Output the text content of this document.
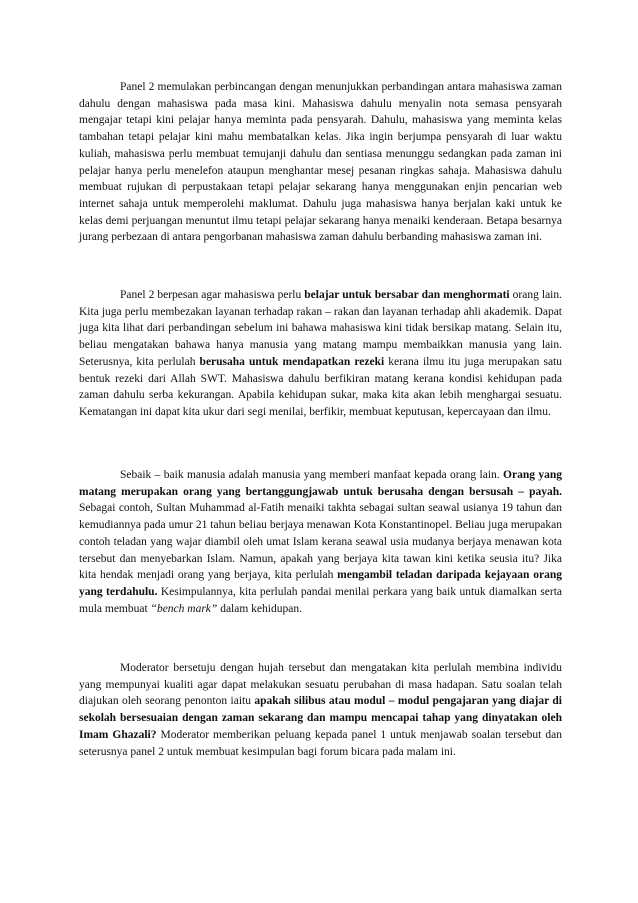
Panel 2 memulakan perbincangan dengan menunjukkan perbandingan antara mahasiswa zaman dahulu dengan mahasiswa pada masa kini. Mahasiswa dahulu menyalin nota semasa pensyarah mengajar tetapi kini pelajar hanya meminta pada pensyarah. Dahulu, mahasiswa yang meminta kelas tambahan tetapi pelajar kini mahu membatalkan kelas. Jika ingin berjumpa pensyarah di luar waktu kuliah, mahasiswa perlu membuat temujanji dahulu dan sentiasa menunggu sedangkan pada zaman ini pelajar hanya perlu menelefon ataupun menghantar mesej pesanan ringkas sahaja. Mahasiswa dahulu membuat rujukan di perpustakaan tetapi pelajar sekarang hanya menggunakan enjin pencarian web internet sahaja untuk memperolehi maklumat. Dahulu juga mahasiswa hanya berjalan kaki untuk ke kelas demi perjuangan menuntut ilmu tetapi pelajar sekarang hanya menaiki kenderaan. Betapa besarnya jurang perbezaan di antara pengorbanan mahasiswa zaman dahulu berbanding mahasiswa zaman ini.

Panel 2 berpesan agar mahasiswa perlu belajar untuk bersabar dan menghormati orang lain. Kita juga perlu membezakan layanan terhadap rakan – rakan dan layanan terhadap ahli akademik. Dapat juga kita lihat dari perbandingan sebelum ini bahawa mahasiswa kini tidak bersikap matang. Selain itu, beliau mengatakan bahawa hanya manusia yang matang mampu membaikkan manusia yang lain. Seterusnya, kita perlulah berusaha untuk mendapatkan rezeki kerana ilmu itu juga merupakan satu bentuk rezeki dari Allah SWT. Mahasiswa dahulu berfikiran matang kerana kondisi kehidupan pada zaman dahulu serba kekurangan. Apabila kehidupan sukar, maka kita akan lebih menghargai sesuatu. Kematangan ini dapat kita ukur dari segi menilai, berfikir, membuat keputusan, kepercayaan dan ilmu.

Sebaik – baik manusia adalah manusia yang memberi manfaat kepada orang lain. Orang yang matang merupakan orang yang bertanggungjawab untuk berusaha dengan bersusah – payah. Sebagai contoh, Sultan Muhammad al-Fatih menaiki takhta sebagai sultan seawal usianya 19 tahun dan kemudiannya pada umur 21 tahun beliau berjaya menawan Kota Konstantinopel. Beliau juga merupakan contoh teladan yang wajar diambil oleh umat Islam kerana seawal usia mudanya berjaya menawan kota tersebut dan menyebarkan Islam. Namun, apakah yang berjaya kita tawan kini ketika seusia itu? Jika kita hendak menjadi orang yang berjaya, kita perlulah mengambil teladan daripada kejayaan orang yang terdahulu. Kesimpulannya, kita perlulah pandai menilai perkara yang baik untuk diamalkan serta mula membuat “bench mark” dalam kehidupan.

Moderator bersetuju dengan hujah tersebut dan mengatakan kita perlulah membina individu yang mempunyai kualiti agar dapat melakukan sesuatu perubahan di masa hadapan. Satu soalan telah diajukan oleh seorang penonton iaitu apakah silibus atau modul – modul pengajaran yang diajar di sekolah bersesuaian dengan zaman sekarang dan mampu mencapai tahap yang dinyatakan oleh Imam Ghazali? Moderator memberikan peluang kepada panel 1 untuk menjawab soalan tersebut dan seterusnya panel 2 untuk membuat kesimpulan bagi forum bicara pada malam ini.
